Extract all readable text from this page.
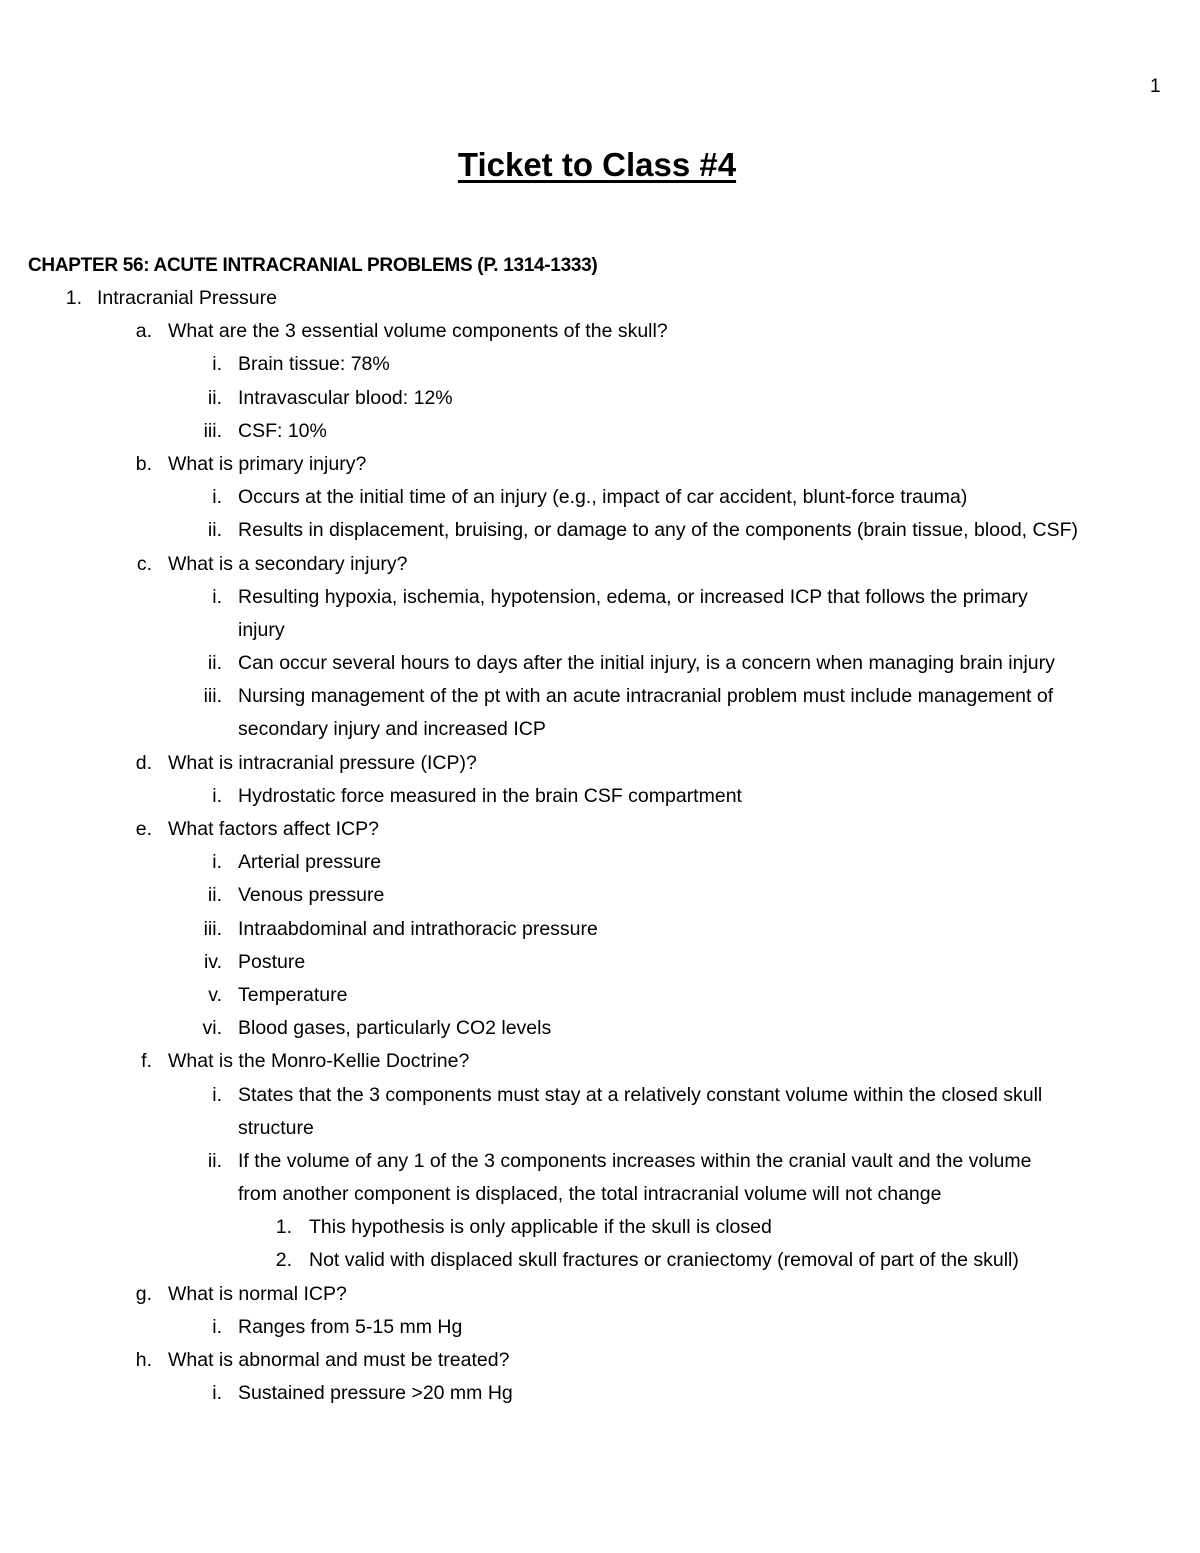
1
Ticket to Class #4
CHAPTER 56: ACUTE INTRACRANIAL PROBLEMS (P. 1314-1333)
1. Intracranial Pressure
a. What are the 3 essential volume components of the skull?
i. Brain tissue: 78%
ii. Intravascular blood: 12%
iii. CSF: 10%
b. What is primary injury?
i. Occurs at the initial time of an injury (e.g., impact of car accident, blunt-force trauma)
ii. Results in displacement, bruising, or damage to any of the components (brain tissue, blood, CSF)
c. What is a secondary injury?
i. Resulting hypoxia, ischemia, hypotension, edema, or increased ICP that follows the primary
injury
ii. Can occur several hours to days after the initial injury, is a concern when managing brain injury
iii. Nursing management of the pt with an acute intracranial problem must include management of
secondary injury and increased ICP
d. What is intracranial pressure (ICP)?
i. Hydrostatic force measured in the brain CSF compartment
e. What factors affect ICP?
i. Arterial pressure
ii. Venous pressure
iii. Intraabdominal and intrathoracic pressure
iv. Posture
v. Temperature
vi. Blood gases, particularly CO2 levels
f. What is the Monro-Kellie Doctrine?
i. States that the 3 components must stay at a relatively constant volume within the closed skull
structure
ii. If the volume of any 1 of the 3 components increases within the cranial vault and the volume
from another component is displaced, the total intracranial volume will not change
1. This hypothesis is only applicable if the skull is closed
2. Not valid with displaced skull fractures or craniectomy (removal of part of the skull)
g. What is normal ICP?
i. Ranges from 5-15 mm Hg
h. What is abnormal and must be treated?
i. Sustained pressure >20 mm Hg
